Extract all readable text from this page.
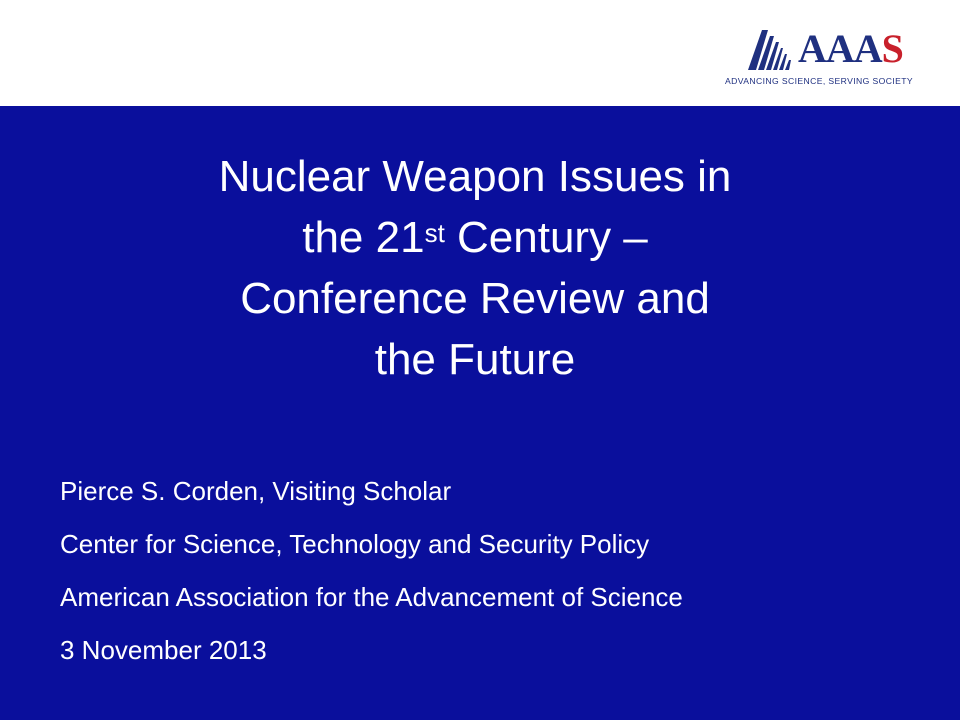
AAAS
ADVANCING SCIENCE, SERVING SOCIETY
Nuclear Weapon Issues in
the 21st Century –
Conference Review and
the Future
Pierce S. Corden, Visiting Scholar
Center for Science, Technology and Security Policy
American Association for the Advancement of Science
3 November 2013
